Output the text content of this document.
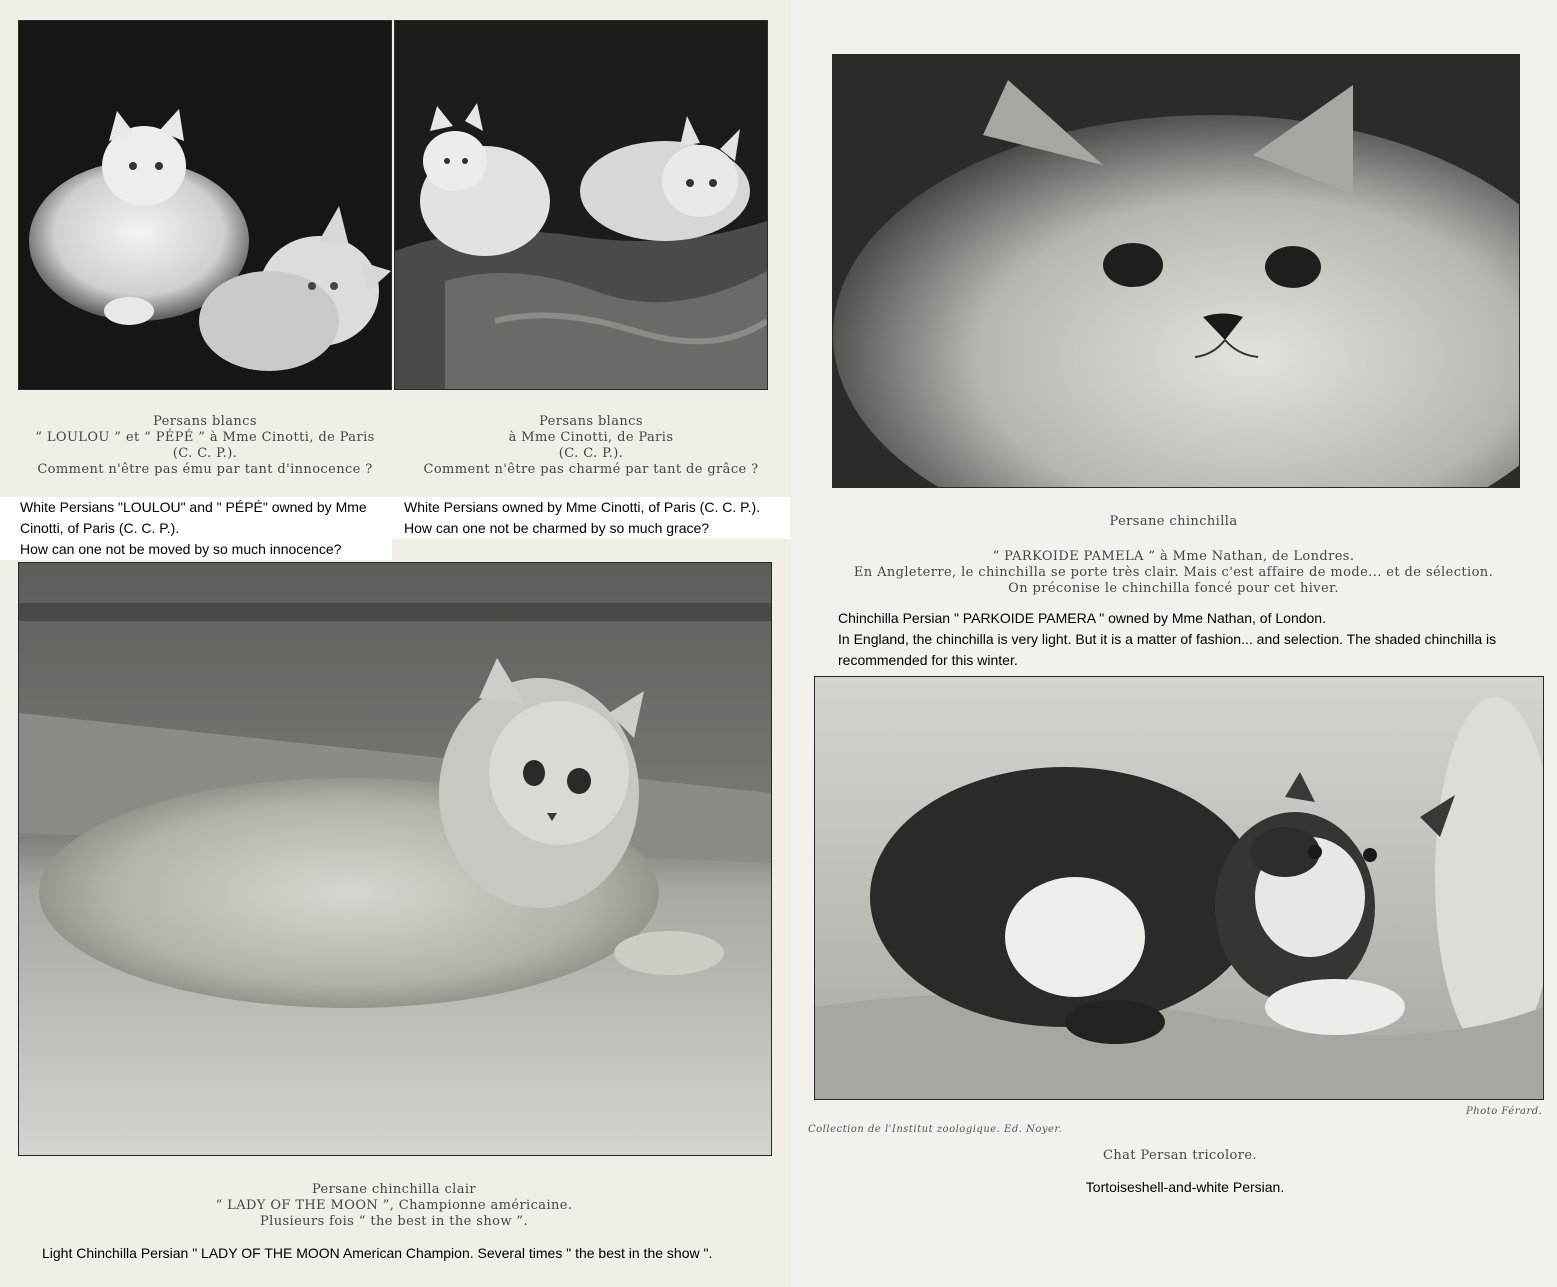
Persans blancs
“ LOULOU ” et “ PÉPÉ ” à Mme Cinotti, de Paris
(C. C. P.).
Comment n'être pas ému par tant d'innocence ?
Persans blancs
à Mme Cinotti, de Paris
(C. C. P.).
Comment n'être pas charmé par tant de grâce ?
White Persians "LOULOU" and " PÉPÉ" owned by Mme
Cinotti, of Paris (C. C. P.).
How can one not be moved by so much innocence?
White Persians owned by Mme Cinotti, of Paris (C. C. P.).
How can one not be charmed by so much grace?
Persane chinchilla clair
“ LADY OF THE MOON ”, Championne américaine.
Plusieurs fois “ the best in the show ”.
Light Chinchilla Persian " LADY OF THE MOON American Champion. Several times " the best in the show ".
Persane chinchilla
“ PARKOIDE PAMELA ” à Mme Nathan, de Londres.
En Angleterre, le chinchilla se porte très clair. Mais c'est affaire de mode... et de sélection.
On préconise le chinchilla foncé pour cet hiver.
Chinchilla Persian " PARKOIDE PAMERA " owned by Mme Nathan, of London.
In England, the chinchilla is very light. But it is a matter of fashion... and selection. The shaded chinchilla is
recommended for this winter.
Collection de l'Institut zoologique. Ed. Noyer.
Photo Férard.
Chat Persan tricolore.
Tortoiseshell-and-white Persian.
